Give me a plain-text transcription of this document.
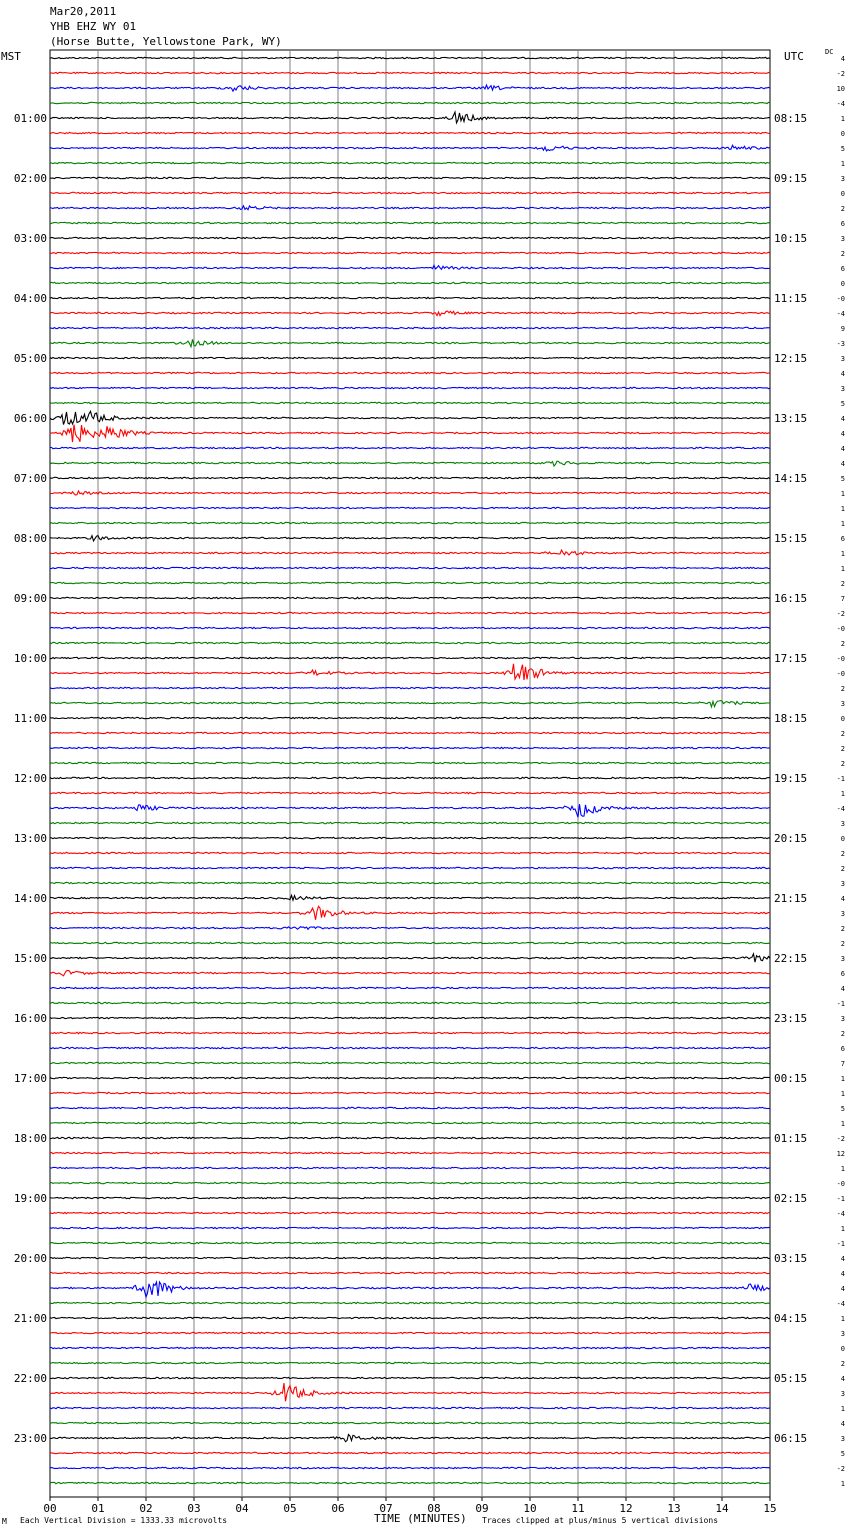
01:00
02:00
03:00
04:00
05:00
06:00
07:00
08:00
09:00
10:00
11:00
12:00
13:00
14:00
15:00
16:00
17:00
18:00
19:00
20:00
21:00
22:00
23:00
08:15
09:15
10:15
11:15
12:15
13:15
14:15
15:15
16:15
17:15
18:15
19:15
20:15
21:15
22:15
23:15
00:15
01:15
02:15
03:15
04:15
05:15
06:15
4
-2
10
-4
1
0
5
1
3
0
2
6
3
2
6
0
-0
-4
9
-3
3
4
3
5
4
4
4
4
5
1
1
1
6
1
1
2
7
-2
-0
2
-0
-0
2
3
0
2
2
2
-1
1
-4
3
0
2
2
3
4
3
2
2
3
6
4
-1
3
2
6
7
1
1
5
1
-2
12
1
-0
-1
-4
1
-1
4
4
4
-4
1
3
0
2
4
3
1
4
3
5
-2
1
00	01	02	03	04	05	06	07	08	09	10	11	12	13	14	15
Mar20,2011
YHB EHZ WY 01
(Horse Butte, Yellowstone Park, WY)
MST	UTC	DC
M Each Vertical Division = 1333.33 microvolts	TIME (MINUTES) Traces clipped at plus/minus 5 vertical divisions
